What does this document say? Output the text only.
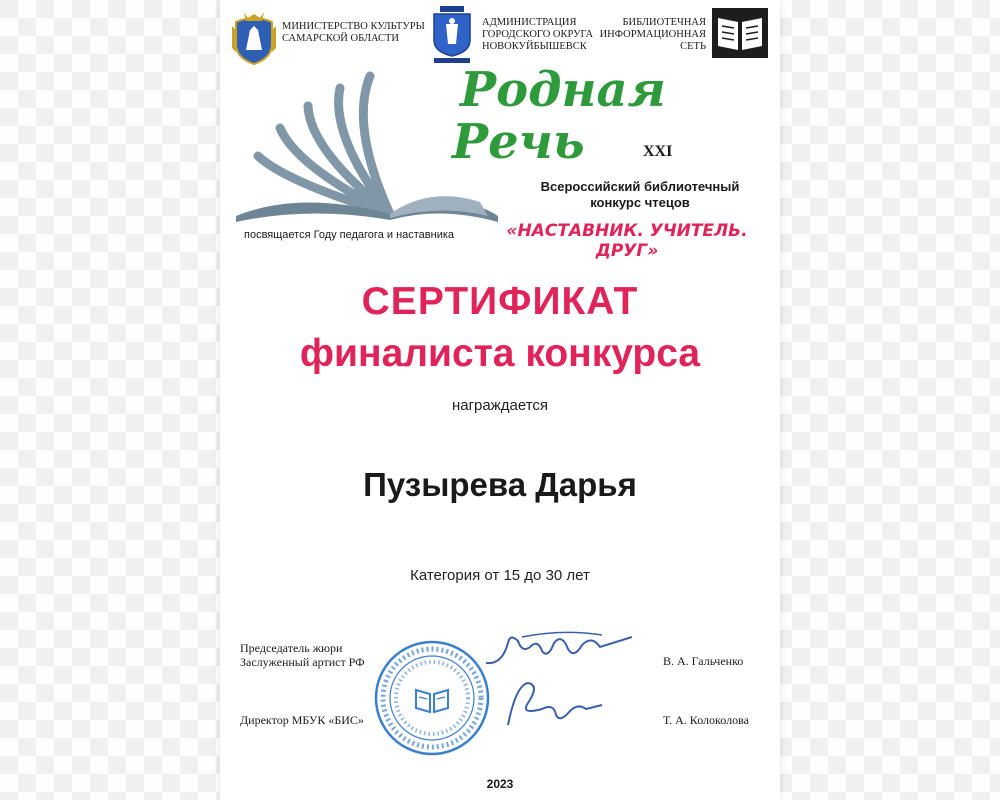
МИНИСТЕРСТВО КУЛЬТУРЫ
САМАРСКОЙ ОБЛАСТИ
АДМИНИСТРАЦИЯ
ГОРОДСКОГО ОКРУГА
НОВОКУЙБЫШЕВСК
БИБЛИОТЕЧНАЯ
ИНФОРМАЦИОННАЯ
СЕТЬ
Родная
Речь	XXI
Всероссийский библиотечный
конкурс чтецов
посвящается Году педагога и наставника	«НАСТАВНИК. УЧИТЕЛЬ. ДРУГ»
СЕРТИФИКАТ
финалиста конкурса
награждается
Пузырева Дарья
Категория от 15 до 30 лет
Председатель жюри
Заслуженный артист РФ	В. А. Гальченко
Директор МБУК «БИС»	Т. А. Колоколова
2023
